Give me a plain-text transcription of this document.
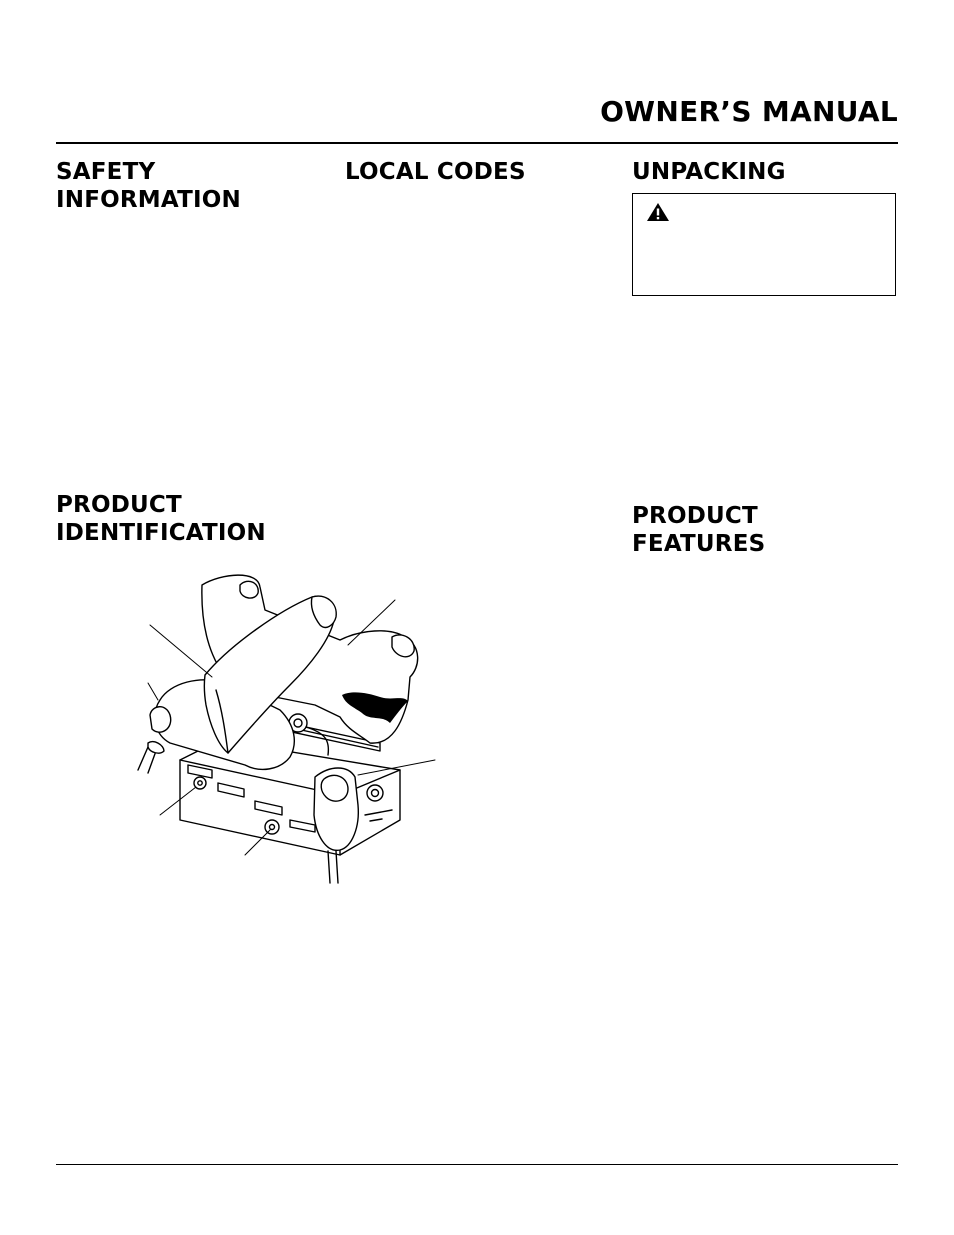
OWNER’S MANUAL
SAFETY
INFORMATION
LOCAL CODES	UNPACKING
PRODUCT
IDENTIFICATION
PRODUCT
FEATURES
